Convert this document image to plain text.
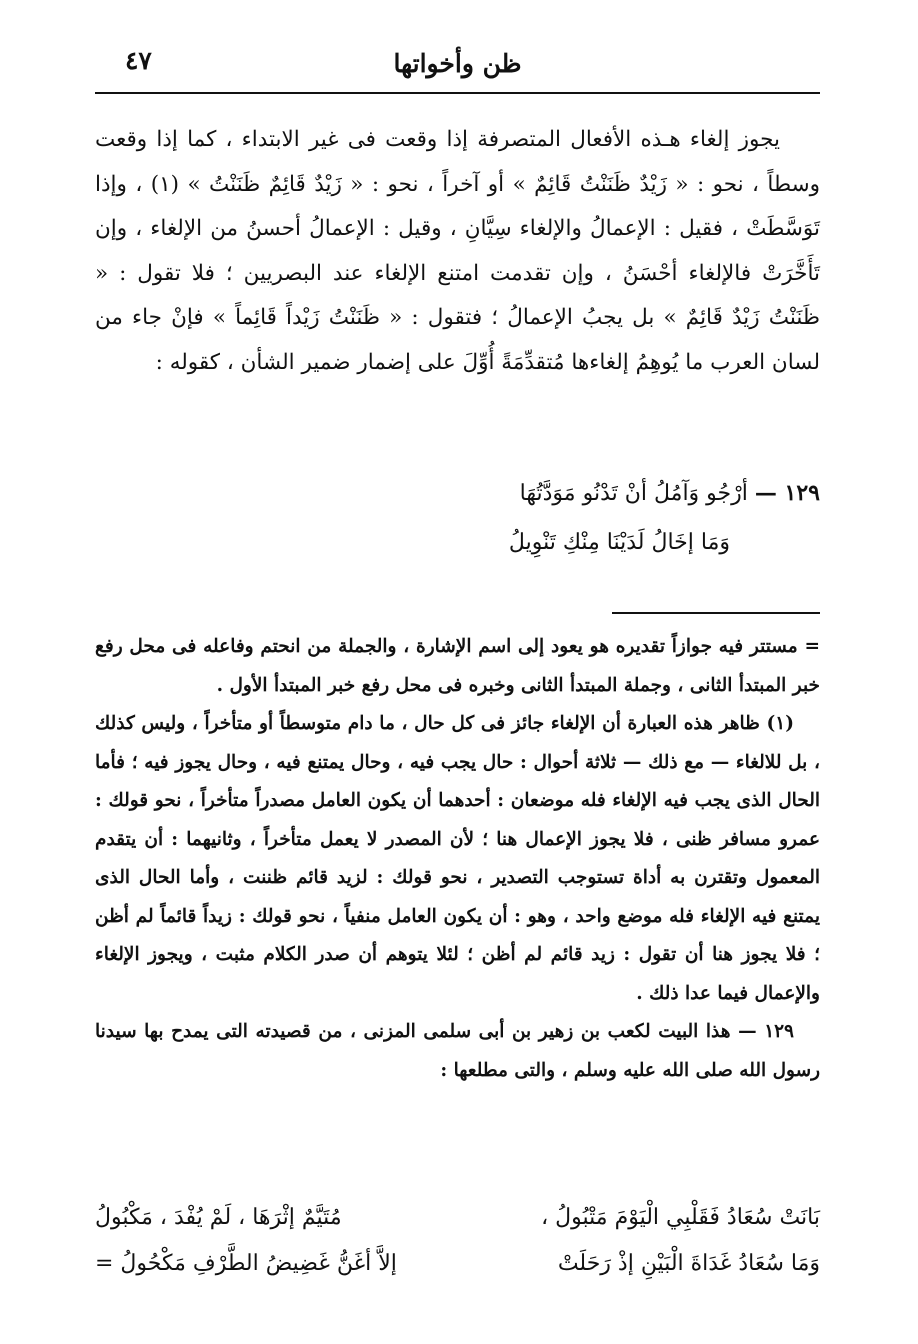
ظن وأخواتها
٤٧

يجوز إلغاء هـذه الأفعال المتصرفة إذا وقعت فى غير الابتداء ، كما إذا وقعت وسطاً ، نحو : « زَيْدٌ ظَنَنْتُ قَائِمٌ » أو آخراً ، نحو : « زَيْدٌ قَائِمٌ ظَنَنْتُ » (١) ، وإذا تَوَسَّطَتْ ، فقيل : الإعمالُ والإلغاء سِيَّانِ ، وقيل : الإعمالُ أحسنُ من الإلغاء ، وإن تَأَخَّرَتْ فالإلغاء أحْسَنُ ، وإن تقدمت امتنع الإلغاء عند البصريين ؛ فلا تقول : « ظَنَنْتُ زَيْدٌ قَائِمٌ » بل يجبُ الإعمالُ ؛ فتقول : « ظَنَنْتُ زَيْداً قَائِماً » فإنْ جاء من لسان العرب ما يُوهِمُ إلغاءها مُتقدِّمَةً أُوِّلَ على إضمار ضمير الشأن ، كقوله :

١٢٩ — أرْجُو وَآمُلُ أنْ تَدْنُو مَوَدَّتُهَا
وَمَا إخَالُ لَدَيْنَا مِنْكِ تَنْوِيلُ

= مستتر فيه جوازاً تقديره هو يعود إلى اسم الإشارة ، والجملة من انحتم وفاعله فى محل رفع خبر المبتدأ الثانى ، وجملة المبتدأ الثانى وخبره فى محل رفع خبر المبتدأ الأول .

(١) ظاهر هذه العبارة أن الإلغاء جائز فى كل حال ، ما دام متوسطاً أو متأخراً ، وليس كذلك ، بل للالغاء — مع ذلك — ثلاثة أحوال : حال يجب فيه ، وحال يمتنع فيه ، وحال يجوز فيه ؛ فأما الحال الذى يجب فيه الإلغاء فله موضعان : أحدهما أن يكون العامل مصدراً متأخراً ، نحو قولك : عمرو مسافر ظنى ، فلا يجوز الإعمال هنا ؛ لأن المصدر لا يعمل متأخراً ، وثانيهما : أن يتقدم المعمول وتقترن به أداة تستوجب التصدير ، نحو قولك : لزيد قائم ظننت ، وأما الحال الذى يمتنع فيه الإلغاء فله موضع واحد ، وهو : أن يكون العامل منفياً ، نحو قولك : زيداً قائماً لم أظن ؛ فلا يجوز هنا أن تقول : زيد قائم لم أظن ؛ لئلا يتوهم أن صدر الكلام مثبت ، ويجوز الإلغاء والإعمال فيما عدا ذلك .

١٢٩ — هذا البيت لكعب بن زهير بن أبى سلمى المزنى ، من قصيدته التى يمدح بها سيدنا رسول الله صلى الله عليه وسلم ، والتى مطلعها :

بَانَتْ سُعَادُ فَقَلْبِي الْيَوْمَ مَتْبُولُ ،
مُتَيَّمٌ إثْرَهَا ، لَمْ يُفْدَ ، مَكْبُولُ
وَمَا سُعَادُ غَدَاةَ الْبَيْنِ إذْ رَحَلَتْ
إلاَّ أغَنُّ غَضِيضُ الطَّرْفِ مَكْحُولُ =
